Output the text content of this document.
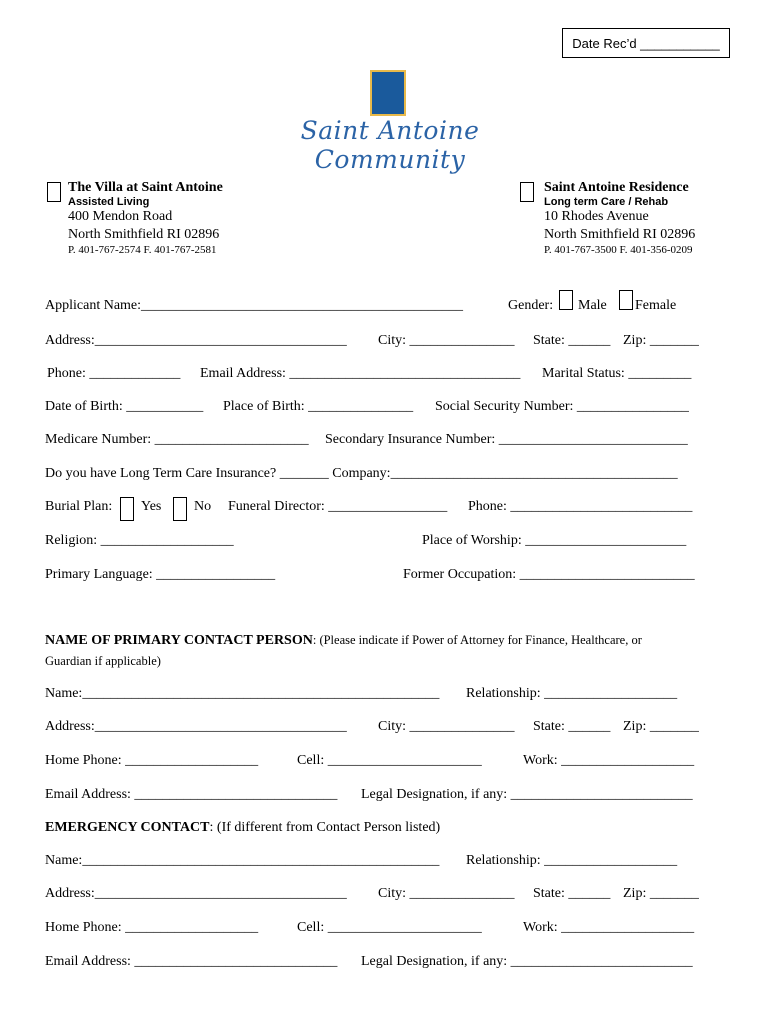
Date Rec’d ___________
Saint Antoine Community
The Villa at Saint Antoine
Assisted Living
400 Mendon Road
North Smithfield RI 02896
P. 401-767-2574 F. 401-767-2581
Saint Antoine Residence
Long term Care / Rehab
10 Rhodes Avenue
North Smithfield RI 02896
P. 401-767-3500 F. 401-356-0209
Applicant Name:______________________________________________	Gender: Male Female
Address:____________________________________ City: _______________ State: ______ Zip: _______
Phone: _____________ Email Address: _________________________________ Marital Status: _________
Date of Birth: ___________ Place of Birth: _______________ Social Security Number: ________________
Medicare Number: ______________________ Secondary Insurance Number: ___________________________
Do you have Long Term Care Insurance? _______ Company:_________________________________________
Burial Plan: Yes No Funeral Director: _________________ Phone: __________________________
Religion: ___________________	Place of Worship: _______________________
Primary Language: _________________	Former Occupation: _________________________
NAME OF PRIMARY CONTACT PERSON: (Please indicate if Power of Attorney for Finance, Healthcare, or
Guardian if applicable)
Name:___________________________________________________ Relationship: ___________________
Address:____________________________________ City: _______________ State: ______ Zip: _______
Home Phone: ___________________	Cell: ______________________	Work: ___________________
Email Address: _____________________________ Legal Designation, if any: __________________________
EMERGENCY CONTACT: (If different from Contact Person listed)
Name:___________________________________________________ Relationship: ___________________
Address:____________________________________ City: _______________ State: ______ Zip: _______
Home Phone: ___________________	Cell: ______________________	Work: ___________________
Email Address: _____________________________ Legal Designation, if any: __________________________
